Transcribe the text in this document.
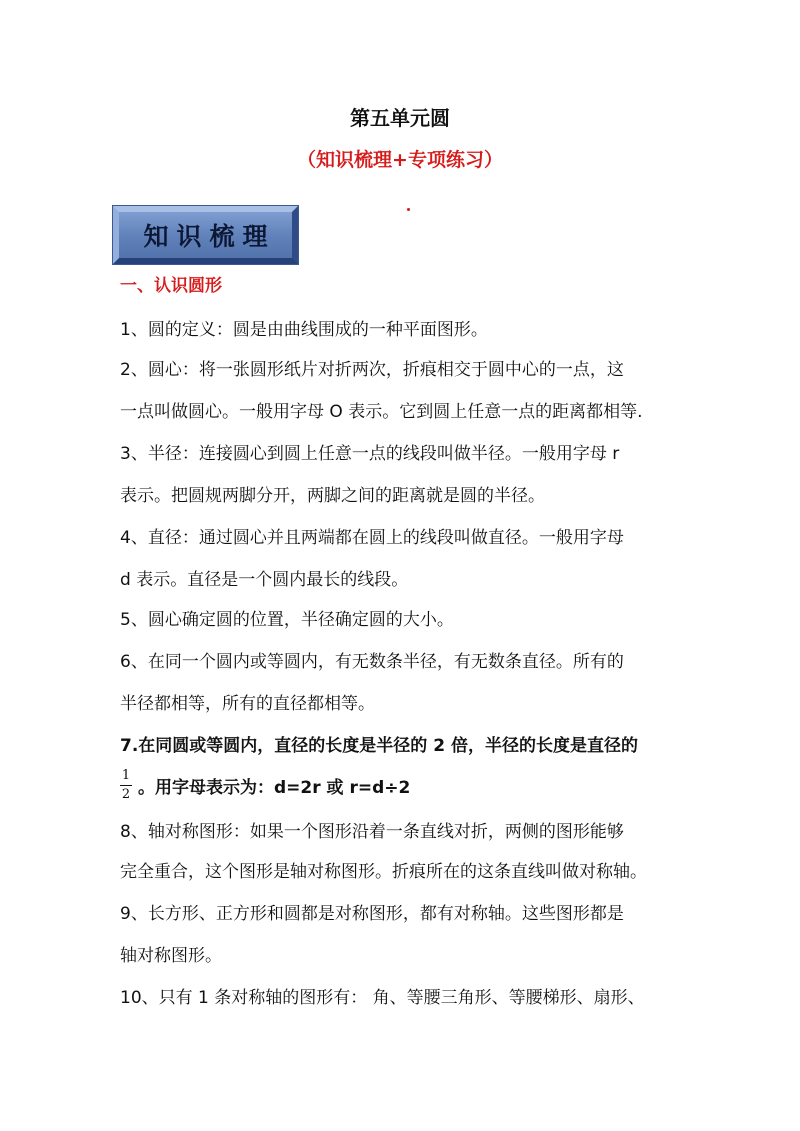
第五单元圆
（知识梳理+专项练习）
知识梳理
一、认识圆形

1、圆的定义：圆是由曲线围成的一种平面图形。

2、圆心：将一张圆形纸片对折两次，折痕相交于圆中心的一点，这

一点叫做圆心。一般用字母 O 表示。它到圆上任意一点的距离都相等.

3、半径：连接圆心到圆上任意一点的线段叫做半径。一般用字母 r

表示。把圆规两脚分开，两脚之间的距离就是圆的半径。

4、直径：通过圆心并且两端都在圆上的线段叫做直径。一般用字母

d 表示。直径是一个圆内最长的线段。

5、圆心确定圆的位置，半径确定圆的大小。

6、在同一个圆内或等圆内，有无数条半径，有无数条直径。所有的

半径都相等，所有的直径都相等。

7.在同圆或等圆内，直径的长度是半径的 2 倍，半径的长度是直径的

1
2 。用字母表示为：d=2r 或 r=d÷2

8、轴对称图形：如果一个图形沿着一条直线对折，两侧的图形能够

完全重合，这个图形是轴对称图形。折痕所在的这条直线叫做对称轴。

9、长方形、正方形和圆都是对称图形，都有对称轴。这些图形都是

轴对称图形。

10、只有 1 条对称轴的图形有： 角、等腰三角形、等腰梯形、扇形、
